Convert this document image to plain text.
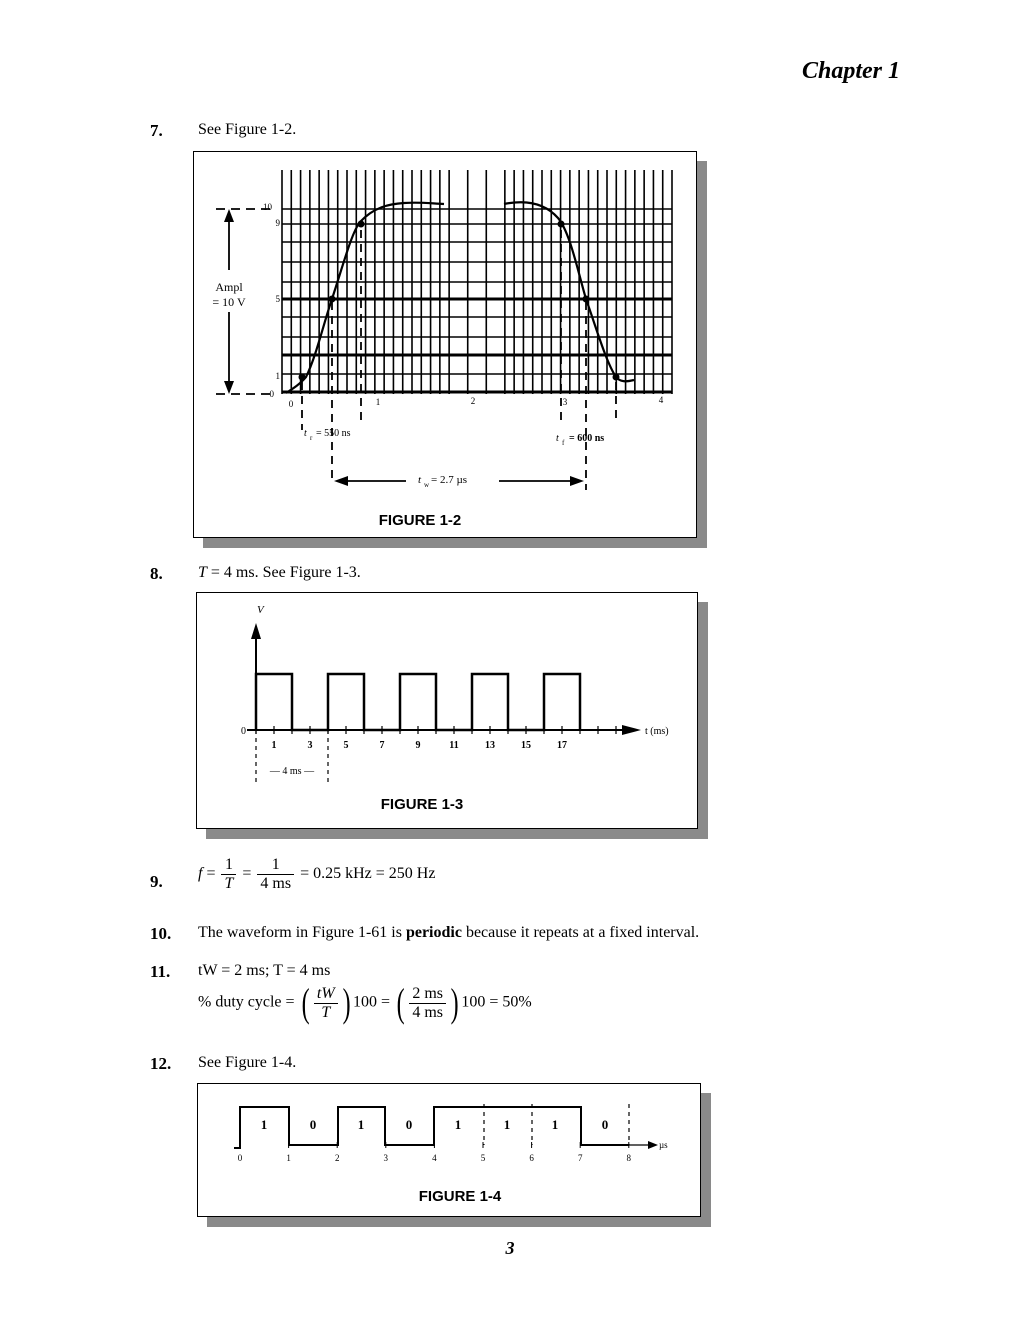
Chapter 1
7. See Figure 1-2.
Ampl
= 10 V
10
9
5
1
0
0	1	2	3	4
t r = 550 ns	t f = 600 ns
t w = 2.7 µs
FIGURE 1-2
8. T = 4 ms. See Figure 1-3.
V
0	t (ms)
1	3	5	7	9	11	13	15	17
— 4 ms —
FIGURE 1-3
9. $f = \frac{1}{T} = \frac{1}{4 ms} = 0.25$ kHz = 250 Hz
10. The waveform in Figure 1-61 is periodic because it repeats at a fixed interval.
11. tW = 2 ms; T = 4 ms
% duty cycle = ( $\frac{tW}{T}$ ) 100 = ( $\frac{2 ms}{4 ms}$ ) 100 = 50%
12. See Figure 1-4.
µs
1	0	1	0	1	1	1	0
0	1	2	3	4	5	6	7	8
FIGURE 1-4
3
